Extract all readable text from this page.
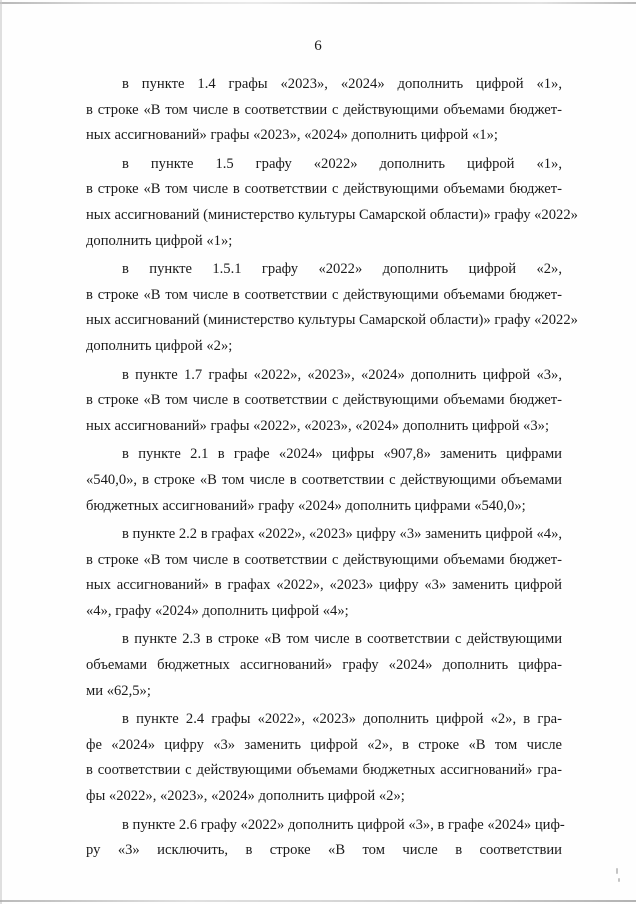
6
в пункте 1.4 графы «2023», «2024» дополнить цифрой «1»,
в строке «В том числе в соответствии с действующими объемами бюджет-
ных ассигнований» графы «2023», «2024» дополнить цифрой «1»;
в пункте 1.5 графу «2022» дополнить цифрой «1»,
в строке «В том числе в соответствии с действующими объемами бюджет-
ных ассигнований (министерство культуры Самарской области)» графу «2022»
дополнить цифрой «1»;
в пункте 1.5.1 графу «2022» дополнить цифрой «2»,
в строке «В том числе в соответствии с действующими объемами бюджет-
ных ассигнований (министерство культуры Самарской области)» графу «2022»
дополнить цифрой «2»;
в пункте 1.7 графы «2022», «2023», «2024» дополнить цифрой «3»,
в строке «В том числе в соответствии с действующими объемами бюджет-
ных ассигнований» графы «2022», «2023», «2024» дополнить цифрой «3»;
в пункте 2.1 в графе «2024» цифры «907,8» заменить цифрами
«540,0», в строке «В том числе в соответствии с действующими объемами
бюджетных ассигнований» графу «2024» дополнить цифрами «540,0»;
в пункте 2.2 в графах «2022», «2023» цифру «3» заменить цифрой «4»,
в строке «В том числе в соответствии с действующими объемами бюджет-
ных ассигнований» в графах «2022», «2023» цифру «3» заменить цифрой
«4», графу «2024» дополнить цифрой «4»;
в пункте 2.3 в строке «В том числе в соответствии с действующими
объемами бюджетных ассигнований» графу «2024» дополнить цифра-
ми «62,5»;
в пункте 2.4 графы «2022», «2023» дополнить цифрой «2», в гра-
фе «2024» цифру «3» заменить цифрой «2», в строке «В том числе
в соответствии с действующими объемами бюджетных ассигнований» гра-
фы «2022», «2023», «2024» дополнить цифрой «2»;
в пункте 2.6 графу «2022» дополнить цифрой «3», в графе «2024» циф-
ру «3» исключить, в строке «В том числе в соответствии
